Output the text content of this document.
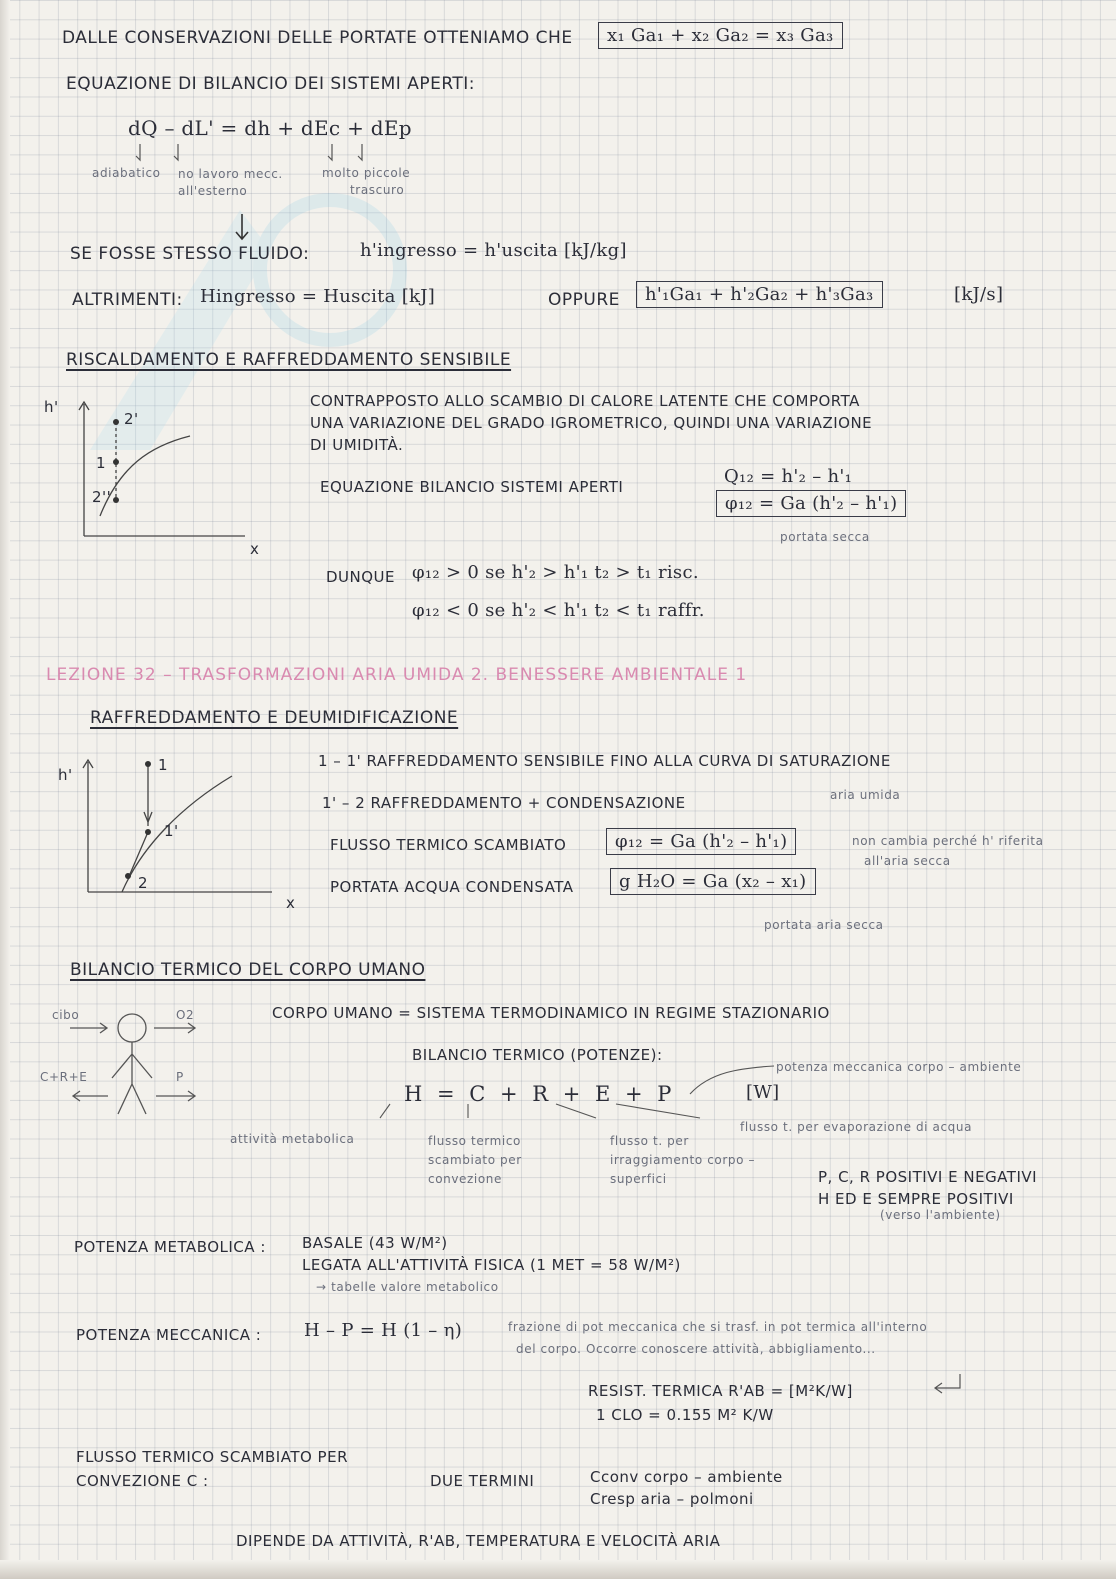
DALLE CONSERVAZIONI DELLE PORTATE OTTENIAMO CHE	x₁ Ga₁ + x₂ Ga₂ = x₃ Ga₃
EQUAZIONE DI BILANCIO DEI SISTEMI APERTI:
dQ – dL' = dh + dEc + dEp
adiabatico no lavoro mecc. all'esterno
molto piccole
trascuro
SE FOSSE STESSO FLUIDO:	h'ingresso = h'uscita [kJ/kg]
ALTRIMENTI: Hingresso = Huscita [kJ]	OPPURE	h'₁Ga₁ + h'₂Ga₂ + h'₃Ga₃	[kJ/s]
RISCALDAMENTO E RAFFREDDAMENTO SENSIBILE
h'
2'
1
2''
x
CONTRAPPOSTO ALLO SCAMBIO DI CALORE LATENTE CHE COMPORTA
UNA VARIAZIONE DEL GRADO IGROMETRICO, QUINDI UNA VARIAZIONE
DI UMIDITÀ.
EQUAZIONE BILANCIO SISTEMI APERTI	Q₁₂ = h'₂ – h'₁
φ₁₂ = Ga (h'₂ – h'₁)
portata secca
DUNQUE φ₁₂ > 0 se h'₂ > h'₁ t₂ > t₁ risc.
φ₁₂ < 0 se h'₂ < h'₁ t₂ < t₁ raffr.
LEZIONE 32 – TRASFORMAZIONI ARIA UMIDA 2. BENESSERE AMBIENTALE 1
RAFFREDDAMENTO E DEUMIDIFICAZIONE
h'
1
1'
2
x
1 – 1' RAFFREDDAMENTO SENSIBILE FINO ALLA CURVA DI SATURAZIONE
1' – 2 RAFFREDDAMENTO + CONDENSAZIONE	aria umida
FLUSSO TERMICO SCAMBIATO	φ₁₂ = Ga (h'₂ – h'₁)	non cambia perché h' riferita
all'aria secca
PORTATA ACQUA CONDENSATA	g H₂O = Ga (x₂ – x₁)
portata aria secca
BILANCIO TERMICO DEL CORPO UMANO
cibo	O2
C+R+E	P
CORPO UMANO = SISTEMA TERMODINAMICO IN REGIME STAZIONARIO
BILANCIO TERMICO (POTENZE):
potenza meccanica corpo – ambiente
H = C + R + E + P	[W]
attività metabolica	flusso termico scambiato per convezione
flusso t. per irraggiamento corpo – superfici
flusso t. per evaporazione di acqua
P, C, R POSITIVI E NEGATIVI
H ED E SEMPRE POSITIVI
(verso l'ambiente)
POTENZA METABOLICA : BASALE (43 W/M²)
LEGATA ALL'ATTIVITÀ FISICA (1 MET = 58 W/M²)
→ tabelle valore metabolico
POTENZA MECCANICA : H – P = H (1 – η)	frazione di pot meccanica che si trasf. in pot termica all'interno
del corpo. Occorre conoscere attività, abbigliamento...
RESIST. TERMICA R'AB = [M²K/W]
1 CLO = 0.155 M² K/W
FLUSSO TERMICO SCAMBIATO PER
CONVEZIONE C :	DUE TERMINI	Cconv corpo – ambiente
Cresp aria – polmoni
DIPENDE DA ATTIVITÀ, R'AB, TEMPERATURA E VELOCITÀ ARIA
